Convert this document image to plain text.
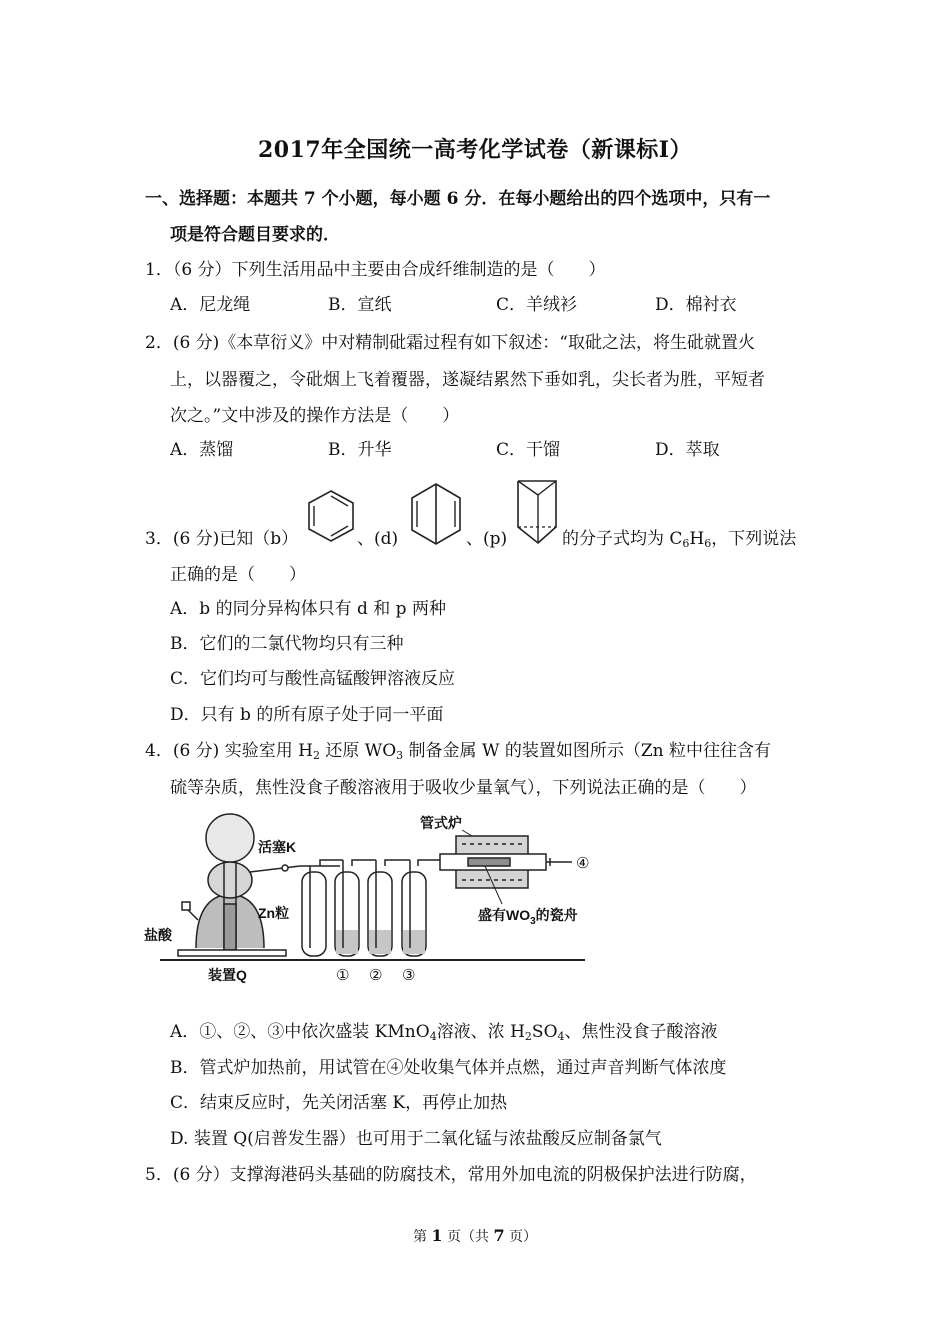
2017年全国统一高考化学试卷（新课标Ⅰ）
一、选择题：本题共 7 个小题，每小题 6 分．在每小题给出的四个选项中，只有一
项是符合题目要求的．
1．（6 分）下列生活用品中主要由合成纤维制造的是（　　）
A．尼龙绳	B．宣纸	C．羊绒衫	D．棉衬衣
2．(6 分)《本草衍义》中对精制砒霜过程有如下叙述：“取砒之法，将生砒就置火
上，以器覆之，令砒烟上飞着覆器，遂凝结累然下垂如乳，尖长者为胜，平短者
次之。”文中涉及的操作方法是（　　）
A．蒸馏	B．升华	C．干馏	D．萃取
3．(6 分)已知（b）	、(d)	、(p)	的分子式均为 $C_6H_6$，下列说法
正确的是（　　）
A．b 的同分异构体只有 d 和 p 两种
B．它们的二氯代物均只有三种
C．它们均可与酸性高锰酸钾溶液反应
D．只有 b 的所有原子处于同一平面
4．(6 分) 实验室用 $H_2$ 还原 $WO_3$ 制备金属 W 的装置如图所示（Zn 粒中往往含有
硫等杂质，焦性没食子酸溶液用于吸收少量氧气），下列说法正确的是（　　）
活塞K
Zn粒
盐酸
装置Q
管式炉
盛有$WO_3$的瓷舟
① ② ③
④
A．①、②、③中依次盛装 KMnO$_4$溶液、浓 $H_2SO_4$、焦性没食子酸溶液
B．管式炉加热前，用试管在④处收集气体并点燃，通过声音判断气体浓度
C．结束反应时，先关闭活塞 K，再停止加热
D. 装置 Q(启普发生器）也可用于二氧化锰与浓盐酸反应制备氯气
5．(6 分）支撑海港码头基础的防腐技术，常用外加电流的阴极保护法进行防腐，
第 1 页（共 7 页）
